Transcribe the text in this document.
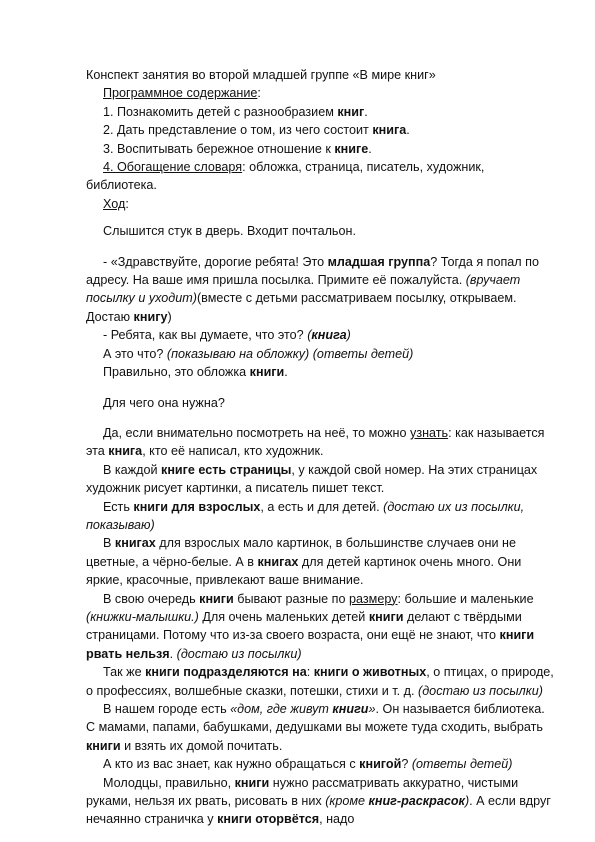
Конспект занятия во второй младшей группе «В мире книг»

Программное содержание:

1. Познакомить детей с разнообразием книг.

2. Дать представление о том, из чего состоит книга.

3. Воспитывать бережное отношение к книге.

4. Обогащение словаря: обложка, страница, писатель, художник, библиотека.

Ход:

Слышится стук в дверь. Входит почтальон.

- «Здравствуйте, дорогие ребята! Это младшая группа? Тогда я попал по адресу. На ваше имя пришла посылка. Примите её пожалуйста. (вручает посылку и уходит)(вместе с детьми рассматриваем посылку, открываем. Достаю книгу)

- Ребята, как вы думаете, что это? (книга)

А это что? (показываю на обложку) (ответы детей)

Правильно, это обложка книги.

Для чего она нужна?

Да, если внимательно посмотреть на неё, то можно узнать: как называется эта книга, кто её написал, кто художник.

В каждой книге есть страницы, у каждой свой номер. На этих страницах художник рисует картинки, а писатель пишет текст.

Есть книги для взрослых, а есть и для детей. (достаю их из посылки, показываю)

В книгах для взрослых мало картинок, в большинстве случаев они не цветные, а чёрно-белые. А в книгах для детей картинок очень много. Они яркие, красочные, привлекают ваше внимание.

В свою очередь книги бывают разные по размеру: большие и маленькие (книжки-малышки.) Для очень маленьких детей книги делают с твёрдыми страницами. Потому что из-за своего возраста, они ещё не знают, что книги рвать нельзя. (достаю из посылки)

Так же книги подразделяются на: книги о животных, о птицах, о природе, о профессиях, волшебные сказки, потешки, стихи и т. д. (достаю из посылки)

В нашем городе есть «дом, где живут книги». Он называется библиотека. С мамами, папами, бабушками, дедушками вы можете туда сходить, выбрать книги и взять их домой почитать.

А кто из вас знает, как нужно обращаться с книгой? (ответы детей)

Молодцы, правильно, книги нужно рассматривать аккуратно, чистыми руками, нельзя их рвать, рисовать в них (кроме книг-раскрасок). А если вдруг нечаянно страничка у книги оторвётся, надо
